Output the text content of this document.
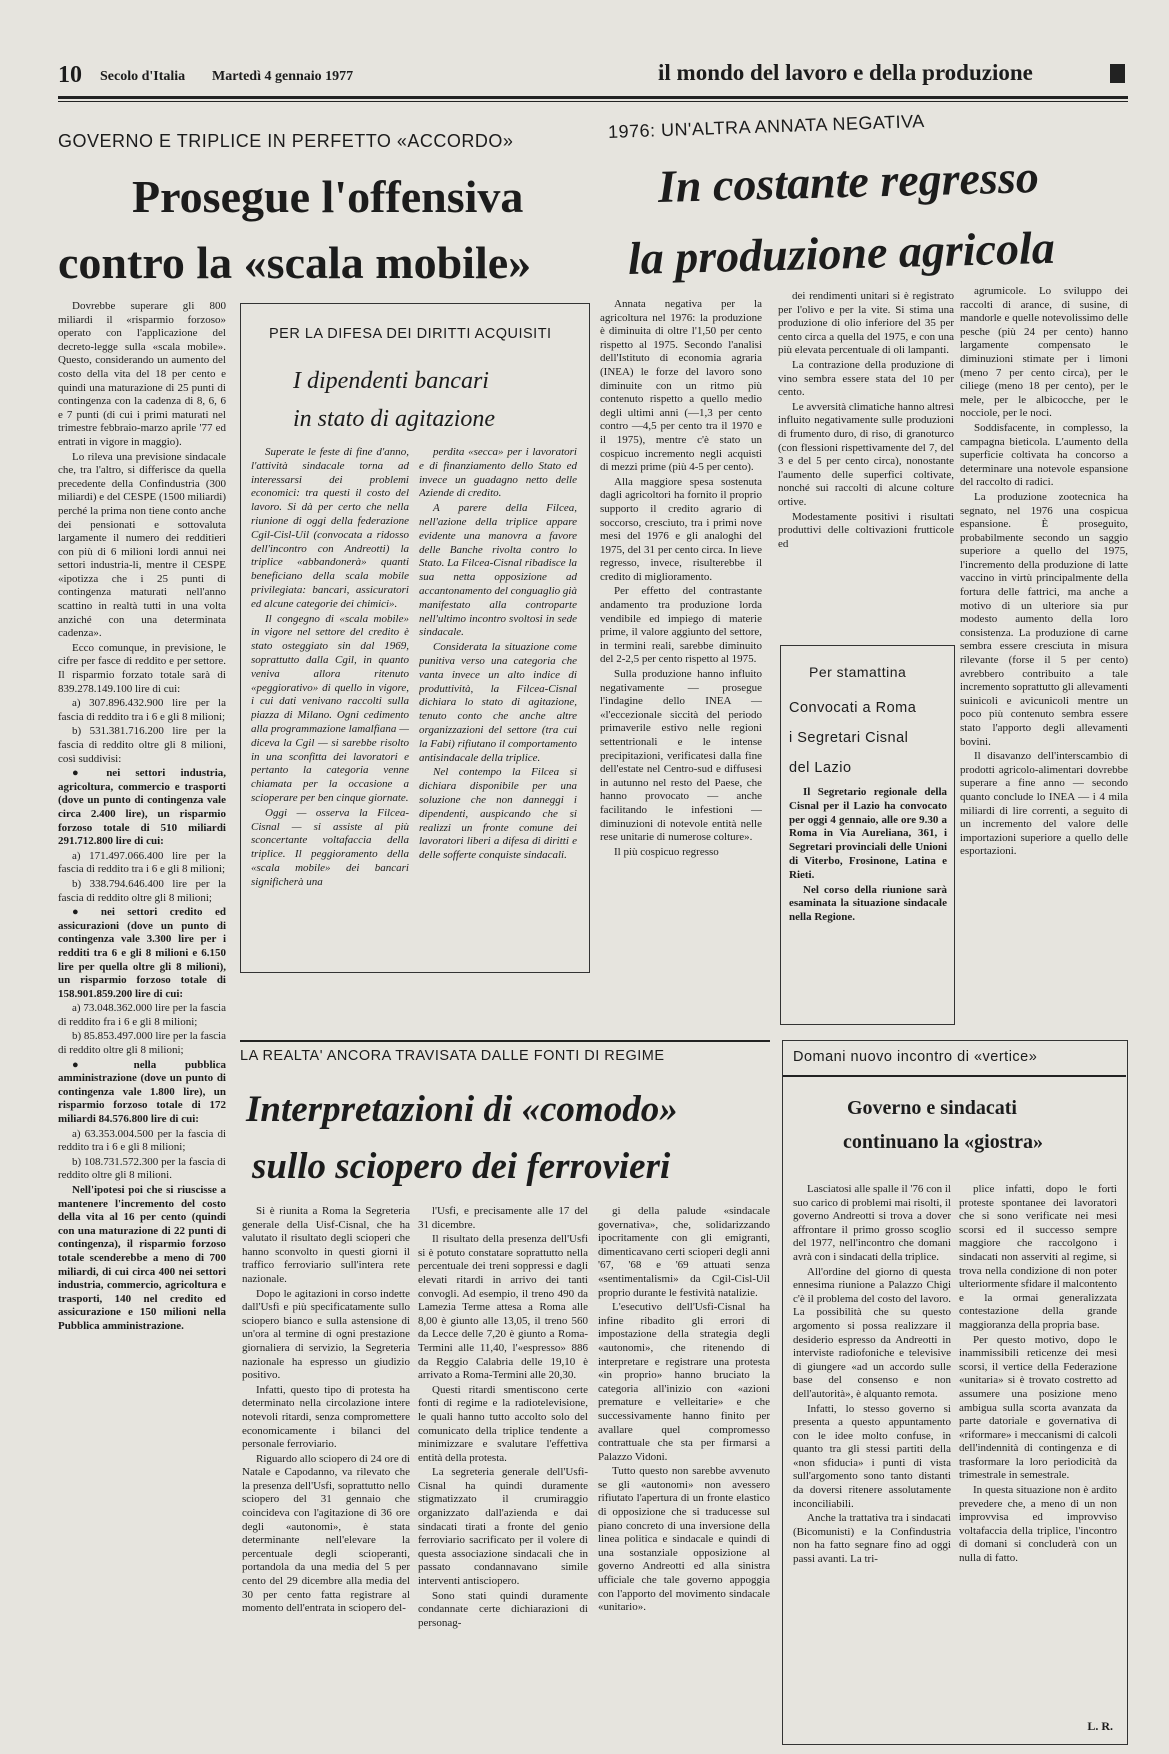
10 Secolo d'Italia Martedì 4 gennaio 1977	il mondo del lavoro e della produzione
GOVERNO E TRIPLICE IN PERFETTO «ACCORDO»
Prosegue l'offensiva
contro la «scala mobile»
1976: UN'ALTRA ANNATA NEGATIVA
In costante regresso
la produzione agricola

Dovrebbe superare gli 800 miliardi il «risparmio forzoso» operato con l'applicazione del decreto-legge sulla «scala mobile». Questo, considerando un aumento del costo della vita del 18 per cento e quindi una maturazione di 25 punti di contingenza con la cadenza di 8, 6, 6 e 7 punti (di cui i primi maturati nel trimestre febbraio-marzo aprile '77 ed entrati in vigore in maggio).

Lo rileva una previsione sindacale che, tra l'altro, si differisce da quella precedente della Confindustria (300 miliardi) e del CESPE (1500 miliardi) perché la prima non tiene conto anche dei pensionati e sottovaluta largamente il numero dei redditieri con più di 6 milioni lordi annui nei settori industria-li, mentre il CESPE «ipotizza che i 25 punti di contingenza maturati nell'anno scattino in realtà tutti in una volta anziché con una determinata cadenza».

Ecco comunque, in previsione, le cifre per fasce di reddito e per settore. Il risparmio forzato totale sarà di 839.278.149.100 lire di cui:

a) 307.896.432.900 lire per la fascia di reddito tra i 6 e gli 8 milioni;

b) 531.381.716.200 lire per la fascia di reddito oltre gli 8 milioni, così suddivisi:

● nei settori industria, agricoltura, commercio e trasporti (dove un punto di contingenza vale circa 2.400 lire), un risparmio forzoso totale di 510 miliardi 291.712.800 lire di cui:

a) 171.497.066.400 lire per la fascia di reddito tra i 6 e gli 8 milioni;

b) 338.794.646.400 lire per la fascia di reddito oltre gli 8 milioni;

● nei settori credito ed assicurazioni (dove un punto di contingenza vale 3.300 lire per i redditi tra 6 e gli 8 milioni e 6.150 lire per quella oltre gli 8 milioni), un risparmio forzoso totale di 158.901.859.200 lire di cui:

a) 73.048.362.000 lire per la fascia di reddito fra i 6 e gli 8 milioni;

b) 85.853.497.000 lire per la fascia di reddito oltre gli 8 milioni;

● nella pubblica amministrazione (dove un punto di contingenza vale 1.800 lire), un risparmio forzoso totale di 172 miliardi 84.576.800 lire di cui:

a) 63.353.004.500 per la fascia di reddito tra i 6 e gli 8 milioni;

b) 108.731.572.300 per la fascia di reddito oltre gli 8 milioni.

Nell'ipotesi poi che si riuscisse a mantenere l'incremento del costo della vita al 16 per cento (quindi con una maturazione di 22 punti di contingenza), il risparmio forzoso totale scenderebbe a meno di 700 miliardi, di cui circa 400 nei settori industria, commercio, agricoltura e trasporti, 140 nel credito ed assicurazione e 150 milioni nella Pubblica amministrazione.

PER LA DIFESA DEI DIRITTI ACQUISITI
I dipendenti bancari
in stato di agitazione

Superate le feste di fine d'anno, l'attività sindacale torna ad interessarsi dei problemi economici: tra questi il costo del lavoro. Si dà per certo che nella riunione di oggi della federazione Cgil-Cisl-Uil (convocata a ridosso dell'incontro con Andreotti) la triplice «abbandonerà» quanti beneficiano della scala mobile privilegiata: bancari, assicuratori ed alcune categorie dei chimici».

Il congegno di «scala mobile» in vigore nel settore del credito è stato osteggiato sin dal 1969, soprattutto dalla Cgil, in quanto veniva allora ritenuto «peggiorativo» di quello in vigore, i cui dati venivano raccolti sulla piazza di Milano. Ogni cedimento alla programmazione lamalfiana — diceva la Cgil — si sarebbe risolto in una sconfitta dei lavoratori e pertanto la categoria venne chiamata per la occasione a scioperare per ben cinque giornate.

Oggi — osserva la Filcea-Cisnal — si assiste al più sconcertante voltafaccia della triplice. Il peggioramento della «scala mobile» dei bancari significherà una

perdita «secca» per i lavoratori e di finanziamento dello Stato ed invece un guadagno netto delle Aziende di credito.

A parere della Filcea, nell'azione della triplice appare evidente una manovra a favore delle Banche rivolta contro lo Stato. La Filcea-Cisnal ribadisce la sua netta opposizione ad accantonamento del conguaglio già manifestato alla controparte nell'ultimo incontro svoltosi in sede sindacale.

Considerata la situazione come punitiva verso una categoria che vanta invece un alto indice di produttività, la Filcea-Cisnal dichiara lo stato di agitazione, tenuto conto che anche altre organizzazioni del settore (tra cui la Fabi) rifiutano il comportamento antisindacale della triplice.

Nel contempo la Filcea si dichiara disponibile per una soluzione che non danneggi i dipendenti, auspicando che si realizzi un fronte comune dei lavoratori liberi a difesa di diritti e delle sofferte conquiste sindacali.

Annata negativa per la agricoltura nel 1976: la produzione è diminuita di oltre l'1,50 per cento rispetto al 1975. Secondo l'analisi dell'Istituto di economia agraria (INEA) le forze del lavoro sono diminuite con un ritmo più contenuto rispetto a quello medio degli ultimi anni (—1,3 per cento contro —4,5 per cento tra il 1970 e il 1975), mentre c'è stato un cospicuo incremento negli acquisti di mezzi prime (più 4-5 per cento).

Alla maggiore spesa sostenuta dagli agricoltori ha fornito il proprio supporto il credito agrario di soccorso, cresciuto, tra i primi nove mesi del 1976 e gli analoghi del 1975, del 31 per cento circa. In lieve regresso, invece, risulterebbe il credito di miglioramento.

Per effetto del contrastante andamento tra produzione lorda vendibile ed impiego di materie prime, il valore aggiunto del settore, in termini reali, sarebbe diminuito del 2-2,5 per cento rispetto al 1975.

Sulla produzione hanno influito negativamente — prosegue l'indagine dello INEA — «l'eccezionale siccità del periodo primaverile estivo nelle regioni settentrionali e le intense precipitazioni, verificatesi dalla fine dell'estate nel Centro-sud e diffusesi in autunno nel resto del Paese, che hanno provocato — anche facilitando le infestioni — diminuzioni di notevole entità nelle rese unitarie di numerose colture».

Il più cospicuo regresso

dei rendimenti unitari si è registrato per l'olivo e per la vite. Si stima una produzione di olio inferiore del 35 per cento circa a quella del 1975, e con una più elevata percentuale di oli lampanti.

La contrazione della produzione di vino sembra essere stata del 10 per cento.

Le avversità climatiche hanno altresì influito negativamente sulle produzioni di frumento duro, di riso, di granoturco (con flessioni rispettivamente del 7, del 3 e del 5 per cento circa), nonostante l'aumento delle superfici coltivate, nonché sui raccolti di alcune colture ortive.

Modestamente positivi i risultati produttivi delle coltivazioni frutticole ed

agrumicole. Lo sviluppo dei raccolti di arance, di susine, di mandorle e quelle notevolissimo delle pesche (più 24 per cento) hanno largamente compensato le diminuzioni stimate per i limoni (meno 7 per cento circa), per le ciliege (meno 18 per cento), per le mele, per le albicocche, per le nocciole, per le noci.

Soddisfacente, in complesso, la campagna bieticola. L'aumento della superficie coltivata ha concorso a determinare una notevole espansione del raccolto di radici.

La produzione zootecnica ha segnato, nel 1976 una cospicua espansione. È proseguito, probabilmente secondo un saggio superiore a quello del 1975, l'incremento della produzione di latte vaccino in virtù principalmente della fortura delle fattrici, ma anche a motivo di un ulteriore sia pur modesto aumento della loro consistenza. La produzione di carne sembra essere cresciuta in misura rilevante (forse il 5 per cento) avrebbero contribuito a tale incremento soprattutto gli allevamenti suinicoli e avicunicoli mentre un poco più contenuto sembra essere stato l'apporto degli allevamenti bovini.

Il disavanzo dell'interscambio di prodotti agricolo-alimentari dovrebbe superare a fine anno — secondo quanto conclude lo INEA — i 4 mila miliardi di lire correnti, a seguito di un incremento del valore delle importazioni superiore a quello delle esportazioni.

Per stamattina
Convocati a Roma
i Segretari Cisnal
del Lazio

Il Segretario regionale della Cisnal per il Lazio ha convocato per oggi 4 gennaio, alle ore 9.30 a Roma in Via Aureliana, 361, i Segretari provinciali delle Unioni di Viterbo, Frosinone, Latina e Rieti.

Nel corso della riunione sarà esaminata la situazione sindacale nella Regione.

LA REALTA' ANCORA TRAVISATA DALLE FONTI DI REGIME
Interpretazioni di «comodo»
sullo sciopero dei ferrovieri

Si è riunita a Roma la Segreteria generale della Uisf-Cisnal, che ha valutato il risultato degli scioperi che hanno sconvolto in questi giorni il traffico ferroviario sull'intera rete nazionale.

Dopo le agitazioni in corso indette dall'Usfi e più specificatamente sullo sciopero bianco e sulla astensione di un'ora al termine di ogni prestazione giornaliera di servizio, la Segreteria nazionale ha espresso un giudizio positivo.

Infatti, questo tipo di protesta ha determinato nella circolazione intere notevoli ritardi, senza compromettere economicamente i bilanci del personale ferroviario.

Riguardo allo sciopero di 24 ore di Natale e Capodanno, va rilevato che la presenza dell'Usfi, soprattutto nello sciopero del 31 gennaio che coincideva con l'agitazione di 36 ore degli «autonomi», è stata determinante nell'elevare la percentuale degli scioperanti, portandola da una media del 5 per cento del 29 dicembre alla media del 30 per cento fatta registrare al momento dell'entrata in sciopero del-

l'Usfi, e precisamente alle 17 del 31 dicembre.

Il risultato della presenza dell'Usfi si è potuto constatare soprattutto nella percentuale dei treni soppressi e dagli elevati ritardi in arrivo dei tanti convogli. Ad esempio, il treno 490 da Lamezia Terme attesa a Roma alle 8,00 è giunto alle 13,05, il treno 560 da Lecce delle 7,20 è giunto a Roma-Termini alle 11,40, l'«espresso» 886 da Reggio Calabria delle 19,10 è arrivato a Roma-Termini alle 20,30.

Questi ritardi smentiscono certe fonti di regime e la radiotelevisione, le quali hanno tutto accolto solo del comunicato della triplice tendente a minimizzare e svalutare l'effettiva entità della protesta.

La segreteria generale dell'Usfi-Cisnal ha quindi duramente stigmatizzato il crumiraggio organizzato dall'azienda e dai sindacati tirati a fronte del genio ferroviario sacrificato per il volere di questa associazione sindacali che in passato condannavano simile interventi antisciopero.

Sono stati quindi duramente condannate certe dichiarazioni di personag-

gi della palude «sindacale governativa», che, solidarizzando ipocritamente con gli emigranti, dimenticavano certi scioperi degli anni '67, '68 e '69 attuati senza «sentimentalismi» da Cgil-Cisl-Uil proprio durante le festività natalizie.

L'esecutivo dell'Usfi-Cisnal ha infine ribadito gli errori di impostazione della strategia degli «autonomi», che ritenendo di interpretare e registrare una protesta «in proprio» hanno bruciato la categoria all'inizio con «azioni premature e velleitarie» e che successivamente hanno finito per avallare quel compromesso contrattuale che sta per firmarsi a Palazzo Vidoni.

Tutto questo non sarebbe avvenuto se gli «autonomi» non avessero rifiutato l'apertura di un fronte elastico di opposizione che si traducesse sul piano concreto di una inversione della linea politica e sindacale e quindi di una sostanziale opposizione al governo Andreotti ed alla sinistra ufficiale che tale governo appoggia con l'apporto del movimento sindacale «unitario».

Domani nuovo incontro di «vertice»
Governo e sindacati
continuano la «giostra»

Lasciatosi alle spalle il '76 con il suo carico di problemi mai risolti, il governo Andreotti si trova a dover affrontare il primo grosso scoglio del 1977, nell'incontro che domani avrà con i sindacati della triplice.

All'ordine del giorno di questa ennesima riunione a Palazzo Chigi c'è il problema del costo del lavoro. La possibilità che su questo argomento si possa realizzare il desiderio espresso da Andreotti in interviste radiofoniche e televisive di giungere «ad un accordo sulle base del consenso e non dell'autorità», è alquanto remota.

Infatti, lo stesso governo si presenta a questo appuntamento con le idee molto confuse, in quanto tra gli stessi partiti della «non sfiducia» i punti di vista sull'argomento sono tanto distanti da doversi ritenere assolutamente inconciliabili.

Anche la trattativa tra i sindacati (Bicomunisti) e la Confindustria non ha fatto segnare fino ad oggi passi avanti. La tri-

plice infatti, dopo le forti proteste spontanee dei lavoratori che si sono verificate nei mesi scorsi ed il successo sempre maggiore che raccolgono i sindacati non asserviti al regime, si trova nella condizione di non poter ulteriormente sfidare il malcontento e la ormai generalizzata contestazione della grande maggioranza della propria base.

Per questo motivo, dopo le inammissibili reticenze dei mesi scorsi, il vertice della Federazione «unitaria» si è trovato costretto ad assumere una posizione meno ambigua sulla scorta avanzata da parte datoriale e governativa di «riformare» i meccanismi di calcoli dell'indennità di contingenza e di trasformare la loro periodicità da trimestrale in semestrale.

In questa situazione non è ardito prevedere che, a meno di un non improvvisa ed improvviso voltafaccia della triplice, l'incontro di domani si concluderà con un nulla di fatto.

L. R.
